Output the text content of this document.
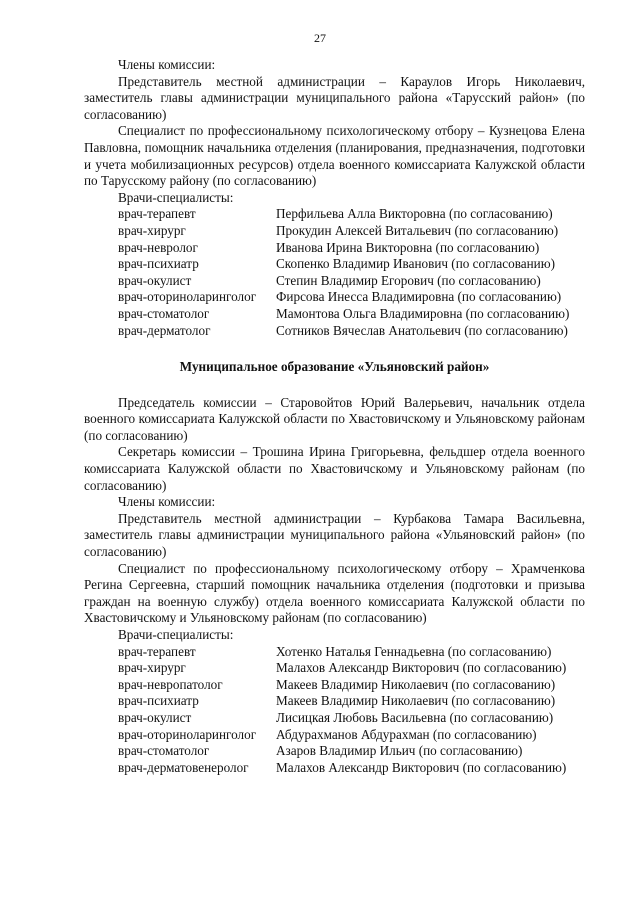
27

Члены комиссии:

Представитель местной администрации – Караулов Игорь Николаевич, заместитель главы администрации муниципального района «Тарусский район» (по согласованию)

Специалист по профессиональному психологическому отбору – Кузнецова Елена Павловна, помощник начальника отделения (планирования, предназначения, подготовки и учета мобилизационных ресурсов) отдела военного комиссариата Калужской области по Тарусскому району (по согласованию)

Врачи-специалисты:

врач-терапевт	Перфильева Алла Викторовна (по согласованию)
врач-хирург	Прокудин Алексей Витальевич (по согласованию)
врач-невролог	Иванова Ирина Викторовна (по согласованию)
врач-психиатр	Скопенко Владимир Иванович (по согласованию)
врач-окулист	Степин Владимир Егорович (по согласованию)
врач-оториноларинголог	Фирсова Инесса Владимировна (по согласованию)
врач-стоматолог	Мамонтова Ольга Владимировна (по согласованию)
врач-дерматолог	Сотников Вячеслав Анатольевич (по согласованию)

Муниципальное образование «Ульяновский район»

Председатель комиссии – Старовойтов Юрий Валерьевич, начальник отдела военного комиссариата Калужской области по Хвастовичскому и Ульяновскому районам (по согласованию)

Секретарь комиссии – Трошина Ирина Григорьевна, фельдшер отдела военного комиссариата Калужской области по Хвастовичскому и Ульяновскому районам (по согласованию)

Члены комиссии:

Представитель местной администрации – Курбакова Тамара Васильевна, заместитель главы администрации муниципального района «Ульяновский район» (по согласованию)

Специалист по профессиональному психологическому отбору – Храмченкова Регина Сергеевна, старший помощник начальника отделения (подготовки и призыва граждан на военную службу) отдела военного комиссариата Калужской области по Хвастовичскому и Ульяновскому районам (по согласованию)

Врачи-специалисты:

врач-терапевт	Хотенко Наталья Геннадьевна (по согласованию)
врач-хирург	Малахов Александр Викторович (по согласованию)
врач-невропатолог	Макеев Владимир Николаевич (по согласованию)
врач-психиатр	Макеев Владимир Николаевич (по согласованию)
врач-окулист	Лисицкая Любовь Васильевна (по согласованию)
врач-оториноларинголог	Абдурахманов Абдурахман (по согласованию)
врач-стоматолог	Азаров Владимир Ильич (по согласованию)
врач-дерматовенеролог	Малахов Александр Викторович (по согласованию)
